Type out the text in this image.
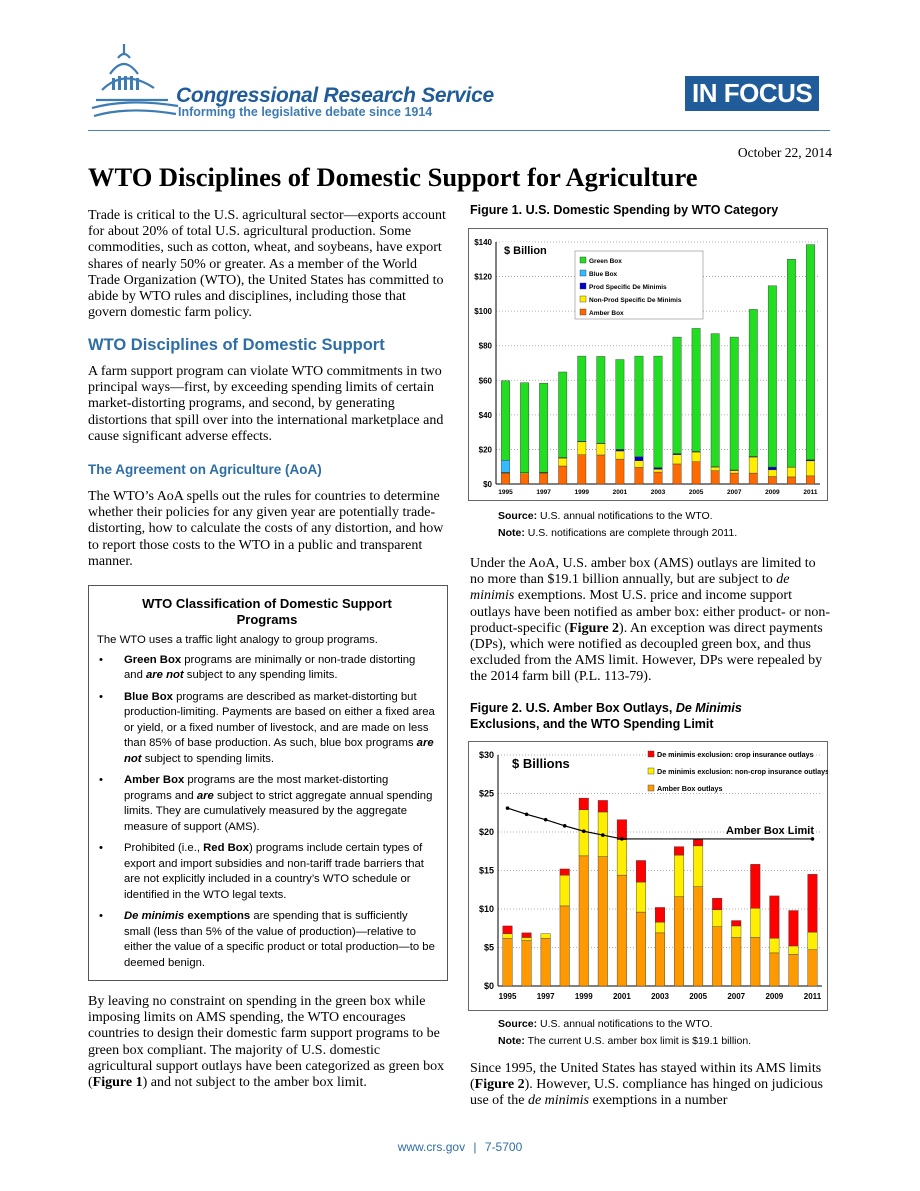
Congressional Research Service
Informing the legislative debate since 1914
IN FOCUS
October 22, 2014
WTO Disciplines of Domestic Support for Agriculture
Trade is critical to the U.S. agricultural sector—exports account for about 20% of total U.S. agricultural production. Some commodities, such as cotton, wheat, and soybeans, have export shares of nearly 50% or greater. As a member of the World Trade Organization (WTO), the United States has committed to abide by WTO rules and disciplines, including those that govern domestic farm policy.
WTO Disciplines of Domestic Support
A farm support program can violate WTO commitments in two principal ways—first, by exceeding spending limits of certain market-distorting programs, and second, by generating distortions that spill over into the international marketplace and cause significant adverse effects.
The Agreement on Agriculture (AoA)
The WTO’s AoA spells out the rules for countries to determine whether their policies for any given year are potentially trade-distorting, how to calculate the costs of any distortion, and how to report those costs to the WTO in a public and transparent manner.
WTO Classification of Domestic Support Programs
The WTO uses a traffic light analogy to group programs.
• Green Box programs are minimally or non-trade distorting and are not subject to any spending limits.
• Blue Box programs are described as market-distorting but production-limiting. Payments are based on either a fixed area or yield, or a fixed number of livestock, and are made on less than 85% of base production. As such, blue box programs are not subject to spending limits.
• Amber Box programs are the most market-distorting programs and are subject to strict aggregate annual spending limits. They are cumulatively measured by the aggregate measure of support (AMS).
• Prohibited (i.e., Red Box) programs include certain types of export and import subsidies and non-tariff trade barriers that are not explicitly included in a country’s WTO schedule or identified in the WTO legal texts.
• De minimis exemptions are spending that is sufficiently small (less than 5% of the value of production)—relative to either the value of a specific product or total production—to be deemed benign.
By leaving no constraint on spending in the green box while imposing limits on AMS spending, the WTO encourages countries to design their domestic farm support programs to be green box compliant. The majority of U.S. domestic agricultural support outlays have been categorized as green box (Figure 1) and not subject to the amber box limit.
Figure 1. U.S. Domestic Spending by WTO Category
$0
$20
$40
$60
$80
$100
$120
$140
1995	1997	1999	2001	2003	2005	2007	2009	2011
$ Billion
Green Box
Blue Box
Prod Specific De Minimis
Non-Prod Specific De Minimis
Amber Box
Source: U.S. annual notifications to the WTO.
Note: U.S. notifications are complete through 2011.
Under the AoA, U.S. amber box (AMS) outlays are limited to no more than $19.1 billion annually, but are subject to de minimis exemptions. Most U.S. price and income support outlays have been notified as amber box: either product- or non-product-specific (Figure 2). An exception was direct payments (DPs), which were notified as decoupled green box, and thus excluded from the AMS limit. However, DPs were repealed by the 2014 farm bill (P.L. 113-79).
Figure 2. U.S. Amber Box Outlays, De Minimis
Exclusions, and the WTO Spending Limit
$0
$5
$10
$15
$20
$25
$30
1995	1997	1999	2001	2003	2005	2007	2009	2011
Amber Box Limit
$ Billions
De minimis exclusion: crop insurance outlays
De minimis exclusion: non-crop insurance outlays
Amber Box outlays
Source: U.S. annual notifications to the WTO.
Note: The current U.S. amber box limit is $19.1 billion.
Since 1995, the United States has stayed within its AMS limits (Figure 2). However, U.S. compliance has hinged on judicious use of the de minimis exemptions in a number
www.crs.gov | 7-5700
